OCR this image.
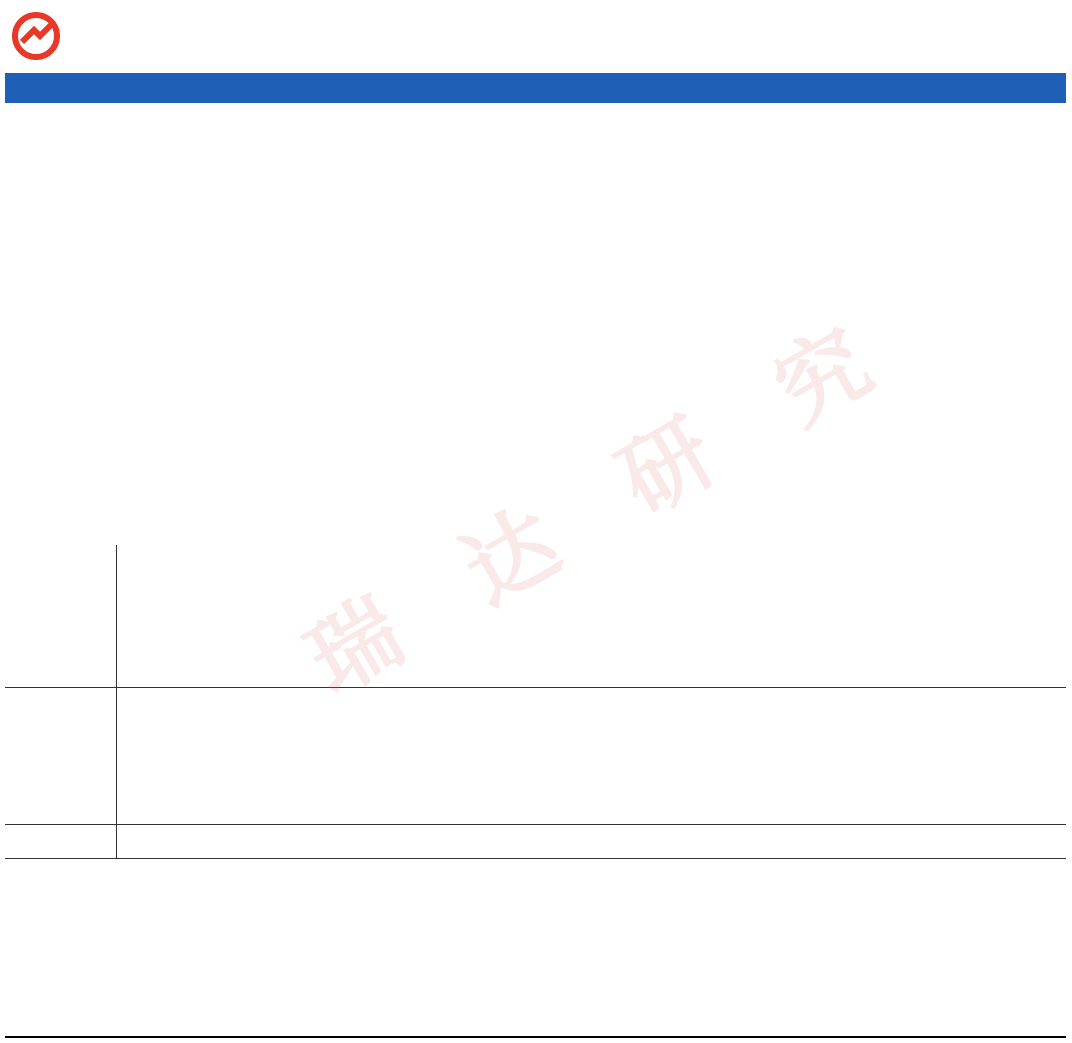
瑞　达　研　究
